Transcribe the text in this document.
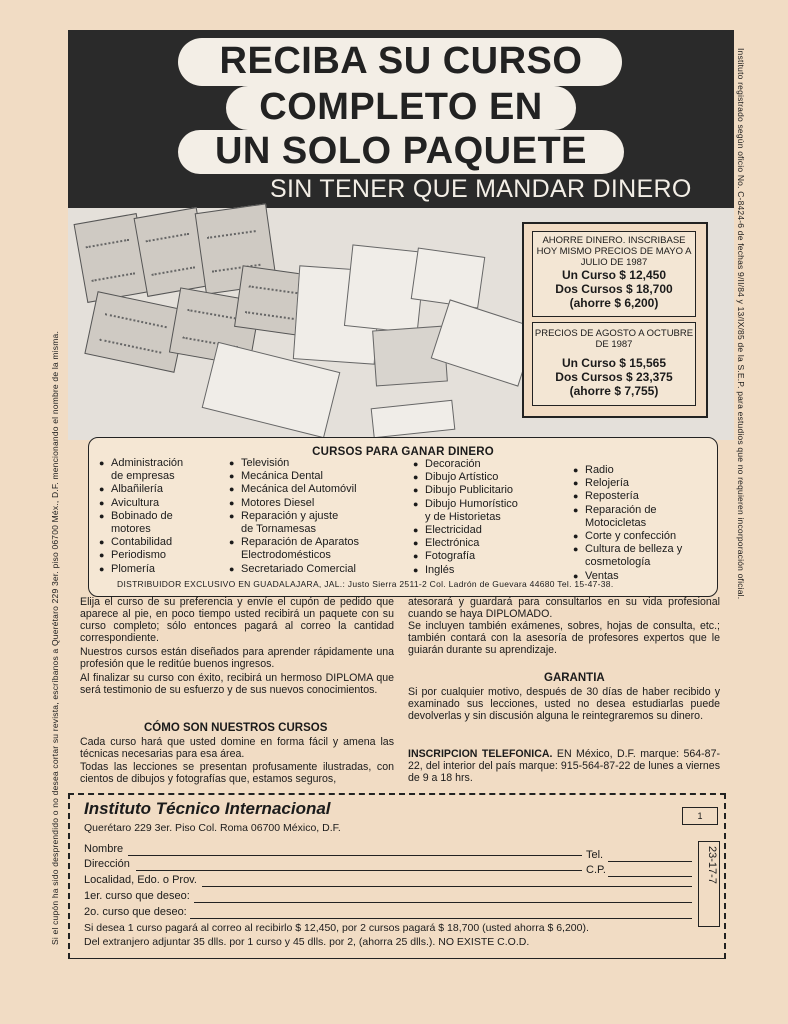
Si el cupón ha sido desprendido o no desea cortar su revista, escríbanos a Querétaro 229 3er. piso 06700 Méx., D.F. mencionando el nombre de la misma.
Instituto registrado según oficio No. C-8424-6 de fechas 9/II/84 y 13/IX/85 de la S.E.P. para estudios que no requieren incorporación oficial.
RECIBA SU CURSO
COMPLETO EN
UN SOLO PAQUETE
SIN TENER QUE MANDAR DINERO
AHORRE DINERO. INSCRIBASE HOY MISMO PRECIOS DE MAYO A JULIO DE 1987
Un Curso $ 12,450
Dos Cursos $ 18,700
(ahorre $ 6,200)
PRECIOS DE AGOSTO A OCTUBRE DE 1987
Un Curso $ 15,565
Dos Cursos $ 23,375
(ahorre $ 7,755)
CURSOS PARA GANAR DINERO
● Administración
de empresas
● Albañilería
● Avicultura
● Bobinado de
motores
● Contabilidad
● Periodismo
● Plomería
● Televisión
● Mecánica Dental
● Mecánica del Automóvil
● Motores Diesel
● Reparación y ajuste
de Tornamesas
● Reparación de Aparatos
Electrodomésticos
● Secretariado Comercial
● Decoración
● Dibujo Artístico
● Dibujo Publicitario
● Dibujo Humorístico
y de Historietas
● Electricidad
● Electrónica
● Fotografía
● Inglés
● Radio
● Relojería
● Repostería
● Reparación de
Motocicletas
● Corte y confección
● Cultura de belleza y
cosmetología
● Ventas
DISTRIBUIDOR EXCLUSIVO EN GUADALAJARA, JAL.: Justo Sierra 2511-2 Col. Ladrón de Guevara 44680 Tel. 15-47-38.
Elija el curso de su preferencia y envíe el cupón de pedido que aparece al pie, en poco tiempo usted recibirá un paquete con su curso completo; sólo entonces pagará al correo la cantidad correspondiente.
Nuestros cursos están diseñados para aprender rápidamente una profesión que le reditúe buenos ingresos.
Al finalizar su curso con éxito, recibirá un hermoso DIPLOMA que será testimonio de su esfuerzo y de sus nuevos conocimientos.
CÓMO SON NUESTROS CURSOS
Cada curso hará que usted domine en forma fácil y amena las técnicas necesarias para esa área.
Todas las lecciones se presentan profusamente ilustradas, con cientos de dibujos y fotografías que, estamos seguros,
atesorará y guardará para consultarlos en su vida profesional cuando se haya DIPLOMADO.
Se incluyen también exámenes, sobres, hojas de consulta, etc.; también contará con la asesoría de profesores expertos que le guiarán durante su aprendizaje.
GARANTIA
Si por cualquier motivo, después de 30 días de haber recibido y examinado sus lecciones, usted no desea estudiarlas puede devolverlas y sin discusión alguna le reintegraremos su dinero.
INSCRIPCION TELEFONICA. EN México, D.F. marque: 564-87-22, del interior del país marque: 915-564-87-22 de lunes a viernes de 9 a 18 hrs.
Instituto Técnico Internacional
Querétaro 229 3er. Piso Col. Roma 06700 México, D.F.
1
23-17-7
Nombre	Tel.
Dirección	C.P.
Localidad, Edo. o Prov.
1er. curso que deseo:
2o. curso que deseo:
Si desea 1 curso pagará al correo al recibirlo $ 12,450, por 2 cursos pagará $ 18,700 (usted ahorra $ 6,200).
Del extranjero adjuntar 35 dlls. por 1 curso y 45 dlls. por 2, (ahorra 25 dlls.). NO EXISTE C.O.D.
